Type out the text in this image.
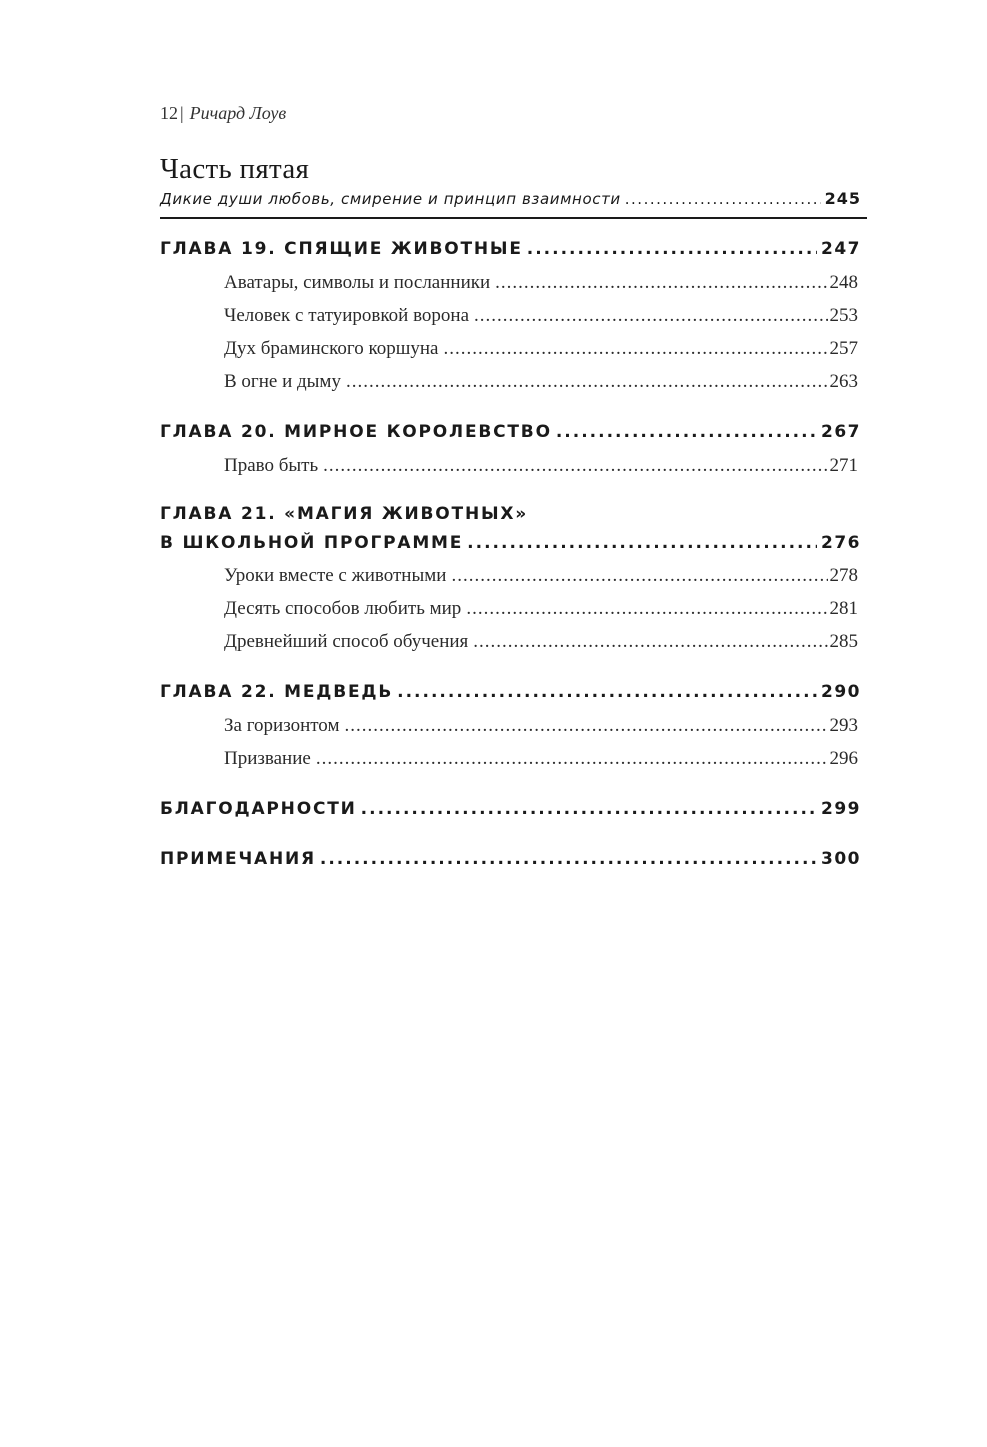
12 | Ричард Лоув
Часть пятая
Дикие души любовь, смирение и принцип взаимности .....	245
ГЛАВА 19. СПЯЩИЕ ЖИВОТНЫЕ .....	247
Аватары, символы и посланники .....	248
Человек с татуировкой ворона .....	253
Дух браминского коршуна .....	257
В огне и дыму .....	263
ГЛАВА 20. МИРНОЕ КОРОЛЕВСТВО .....	267
Право быть .....	271
ГЛАВА 21. «МАГИЯ ЖИВОТНЫХ»
В ШКОЛЬНОЙ ПРОГРАММЕ .....	276
Уроки вместе с животными .....	278
Десять способов любить мир .....	281
Древнейший способ обучения .....	285
ГЛАВА 22. МЕДВЕДЬ .....	290
За горизонтом .....	293
Призвание .....	296
БЛАГОДАРНОСТИ .....	299
ПРИМЕЧАНИЯ .....	300
